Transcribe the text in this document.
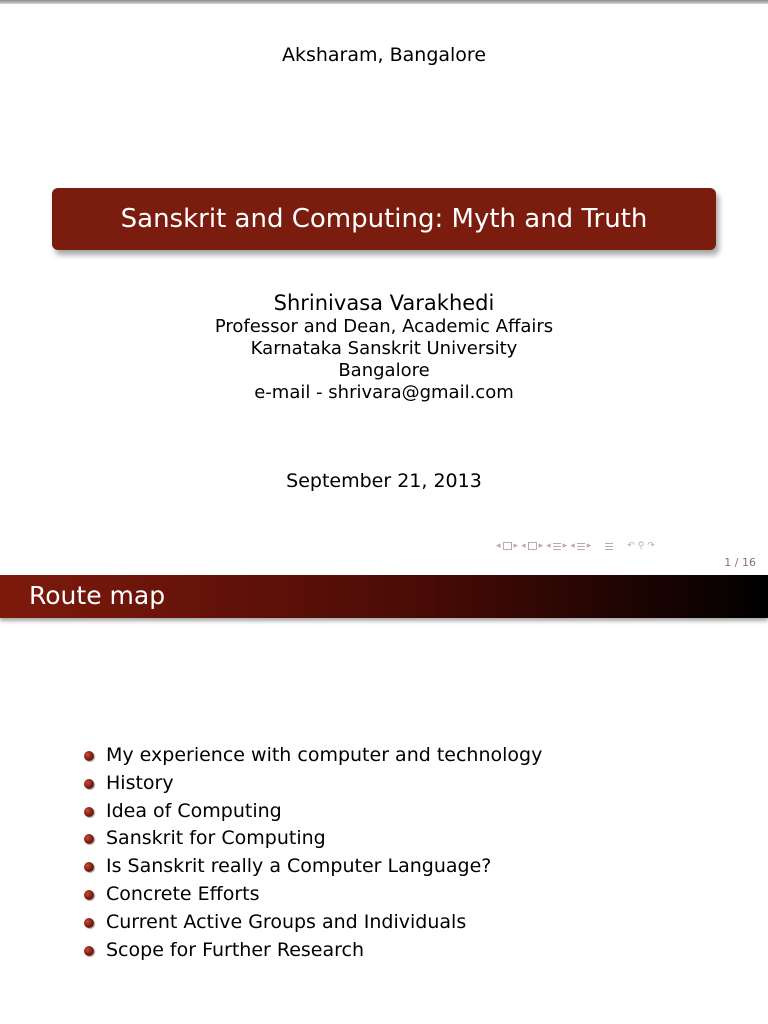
Aksharam, Bangalore
Sanskrit and Computing: Myth and Truth
Shrinivasa Varakhedi
Professor and Dean, Academic Affairs
Karnataka Sanskrit University
Bangalore
e-mail - shrivara@gmail.com
September 21, 2013
◂ ▸ ◂ ▸ ◂ ▸ ◂ ▸	↶ ⚲ ↷
1 / 16
Route map
My experience with computer and technology
History
Idea of Computing
Sanskrit for Computing
Is Sanskrit really a Computer Language?
Concrete Efforts
Current Active Groups and Individuals
Scope for Further Research
